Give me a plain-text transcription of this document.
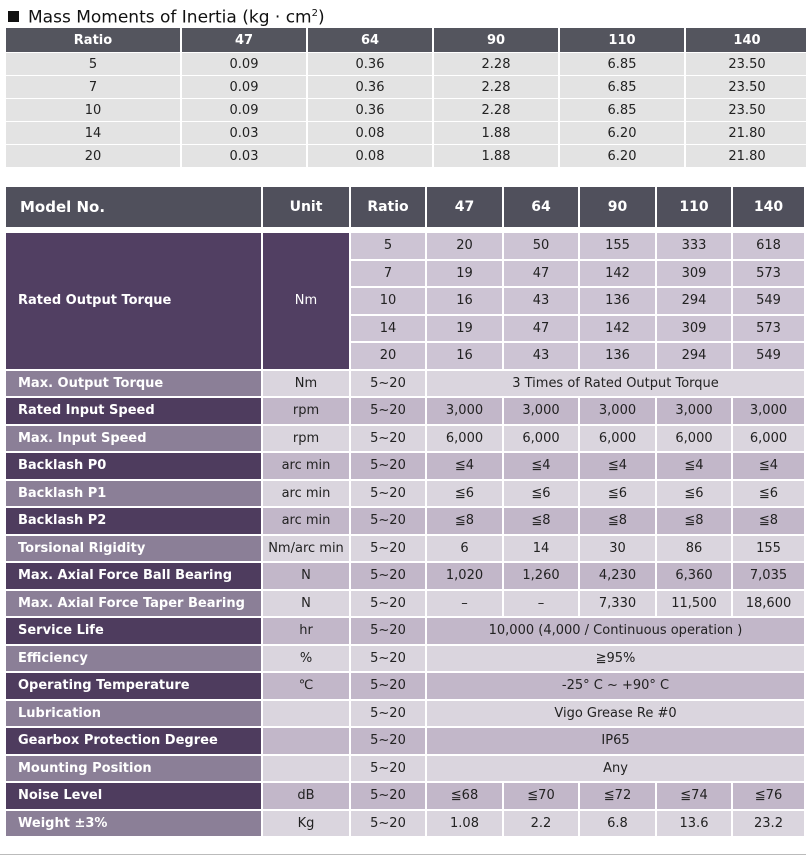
Mass Moments of Inertia $(kg \cdot cm^2)$
Ratio	47	64	90	110	140
5	0.09	0.36	2.28	6.85	23.50
7	0.09	0.36	2.28	6.85	23.50
10	0.09	0.36	2.28	6.85	23.50
14	0.03	0.08	1.88	6.20	21.80
20	0.03	0.08	1.88	6.20	21.80
Model No.	Unit	Ratio	47	64	90	110	140

Rated Output Torque	Nm	5	20	50	155	333	618
		7	19	47	142	309	573
		10	16	43	136	294	549
		14	19	47	142	309	573
		20	16	43	136	294	549
Max. Output Torque	Nm	5~20	3 Times of Rated Output Torque				
Rated Input Speed	rpm	5~20	3,000	3,000	3,000	3,000	3,000
Max. Input Speed	rpm	5~20	6,000	6,000	6,000	6,000	6,000
Backlash P0	arc min	5~20	≦4	≦4	≦4	≦4	≦4
Backlash P1	arc min	5~20	≦6	≦6	≦6	≦6	≦6
Backlash P2	arc min	5~20	≦8	≦8	≦8	≦8	≦8
Torsional Rigidity	Nm/arc min	5~20	6	14	30	86	155
Max. Axial Force Ball Bearing	N	5~20	1,020	1,260	4,230	6,360	7,035
Max. Axial Force Taper Bearing	N	5~20	–	–	7,330	11,500	18,600
Service Life	hr	5~20	10,000 (4,000 / Continuous operation )				
Efficiency	%	5~20	≧95%				
Operating Temperature	℃	5~20	-25° C ~ +90° C				
Lubrication		5~20	Vigo Grease Re #0				
Gearbox Protection Degree		5~20	IP65				
Mounting Position		5~20	Any				
Noise Level	dB	5~20	≦68	≦70	≦72	≦74	≦76
Weight ±3%	Kg	5~20	1.08	2.2	6.8	13.6	23.2
